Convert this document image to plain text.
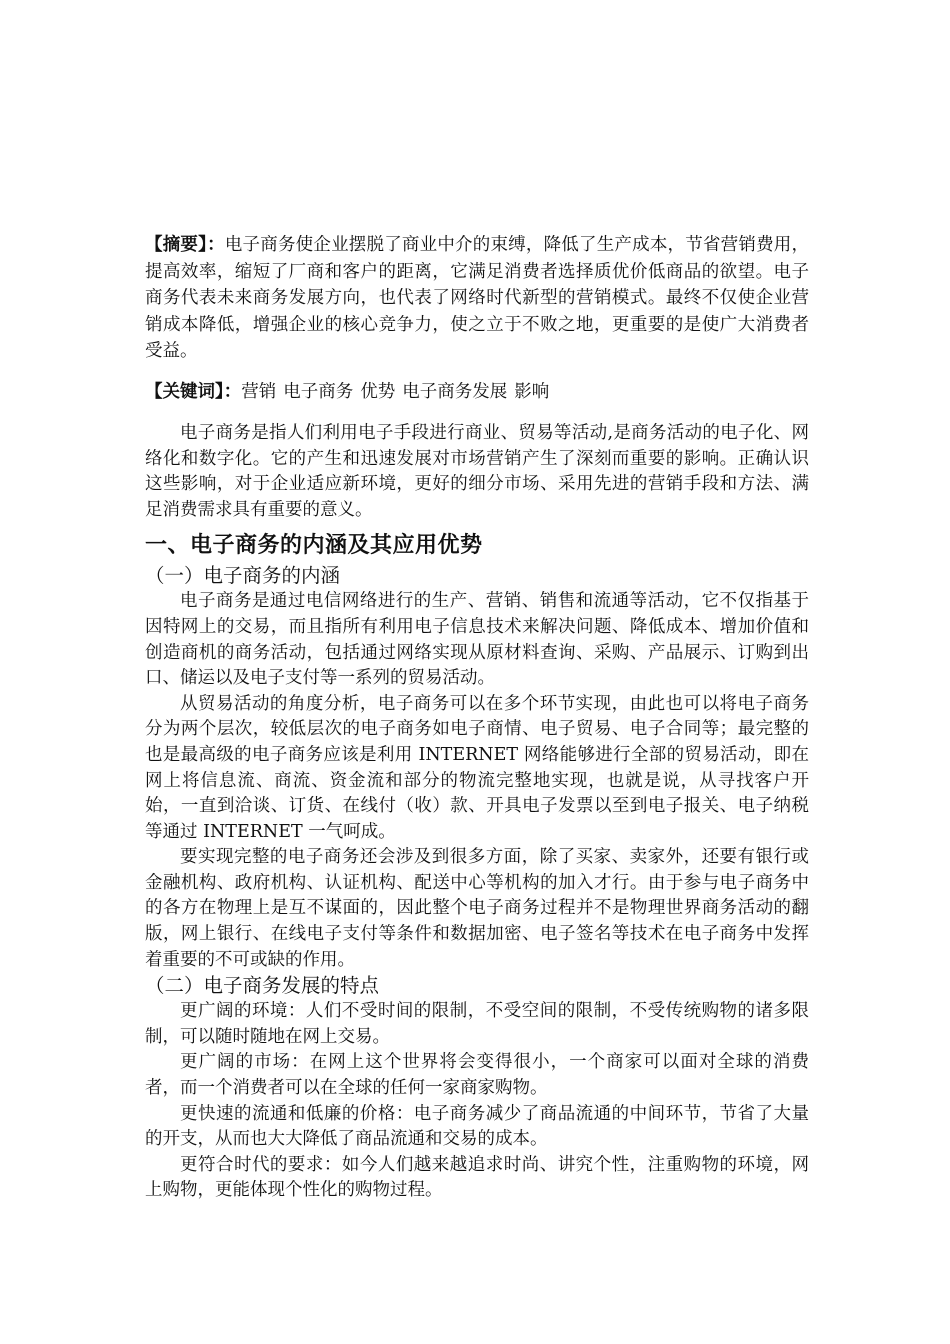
【摘要】：电子商务使企业摆脱了商业中介的束缚，降低了生产成本，节省营销费用，提高效率，缩短了厂商和客户的距离，它满足消费者选择质优价低商品的欲望。电子商务代表未来商务发展方向，也代表了网络时代新型的营销模式。最终不仅使企业营销成本降低，增强企业的核心竞争力，使之立于不败之地，更重要的是使广大消费者受益。

【关键词】：营销 电子商务 优势 电子商务发展 影响

电子商务是指人们利用电子手段进行商业、贸易等活动,是商务活动的电子化、网络化和数字化。它的产生和迅速发展对市场营销产生了深刻而重要的影响。正确认识这些影响，对于企业适应新环境，更好的细分市场、采用先进的营销手段和方法、满足消费需求具有重要的意义。

一、电子商务的内涵及其应用优势

（一）电子商务的内涵

电子商务是通过电信网络进行的生产、营销、销售和流通等活动，它不仅指基于因特网上的交易，而且指所有利用电子信息技术来解决问题、降低成本、增加价值和创造商机的商务活动，包括通过网络实现从原材料查询、采购、产品展示、订购到出口、储运以及电子支付等一系列的贸易活动。

从贸易活动的角度分析，电子商务可以在多个环节实现，由此也可以将电子商务分为两个层次，较低层次的电子商务如电子商情、电子贸易、电子合同等；最完整的也是最高级的电子商务应该是利用 INTERNET 网络能够进行全部的贸易活动，即在网上将信息流、商流、资金流和部分的物流完整地实现，也就是说，从寻找客户开始，一直到洽谈、订货、在线付（收）款、开具电子发票以至到电子报关、电子纳税等通过 INTERNET 一气呵成。

要实现完整的电子商务还会涉及到很多方面，除了买家、卖家外，还要有银行或金融机构、政府机构、认证机构、配送中心等机构的加入才行。由于参与电子商务中的各方在物理上是互不谋面的，因此整个电子商务过程并不是物理世界商务活动的翻版，网上银行、在线电子支付等条件和数据加密、电子签名等技术在电子商务中发挥着重要的不可或缺的作用。

（二）电子商务发展的特点

更广阔的环境：人们不受时间的限制，不受空间的限制，不受传统购物的诸多限制，可以随时随地在网上交易。

更广阔的市场：在网上这个世界将会变得很小，一个商家可以面对全球的消费者，而一个消费者可以在全球的任何一家商家购物。

更快速的流通和低廉的价格：电子商务减少了商品流通的中间环节，节省了大量的开支，从而也大大降低了商品流通和交易的成本。

更符合时代的要求：如今人们越来越追求时尚、讲究个性，注重购物的环境，网上购物，更能体现个性化的购物过程。
